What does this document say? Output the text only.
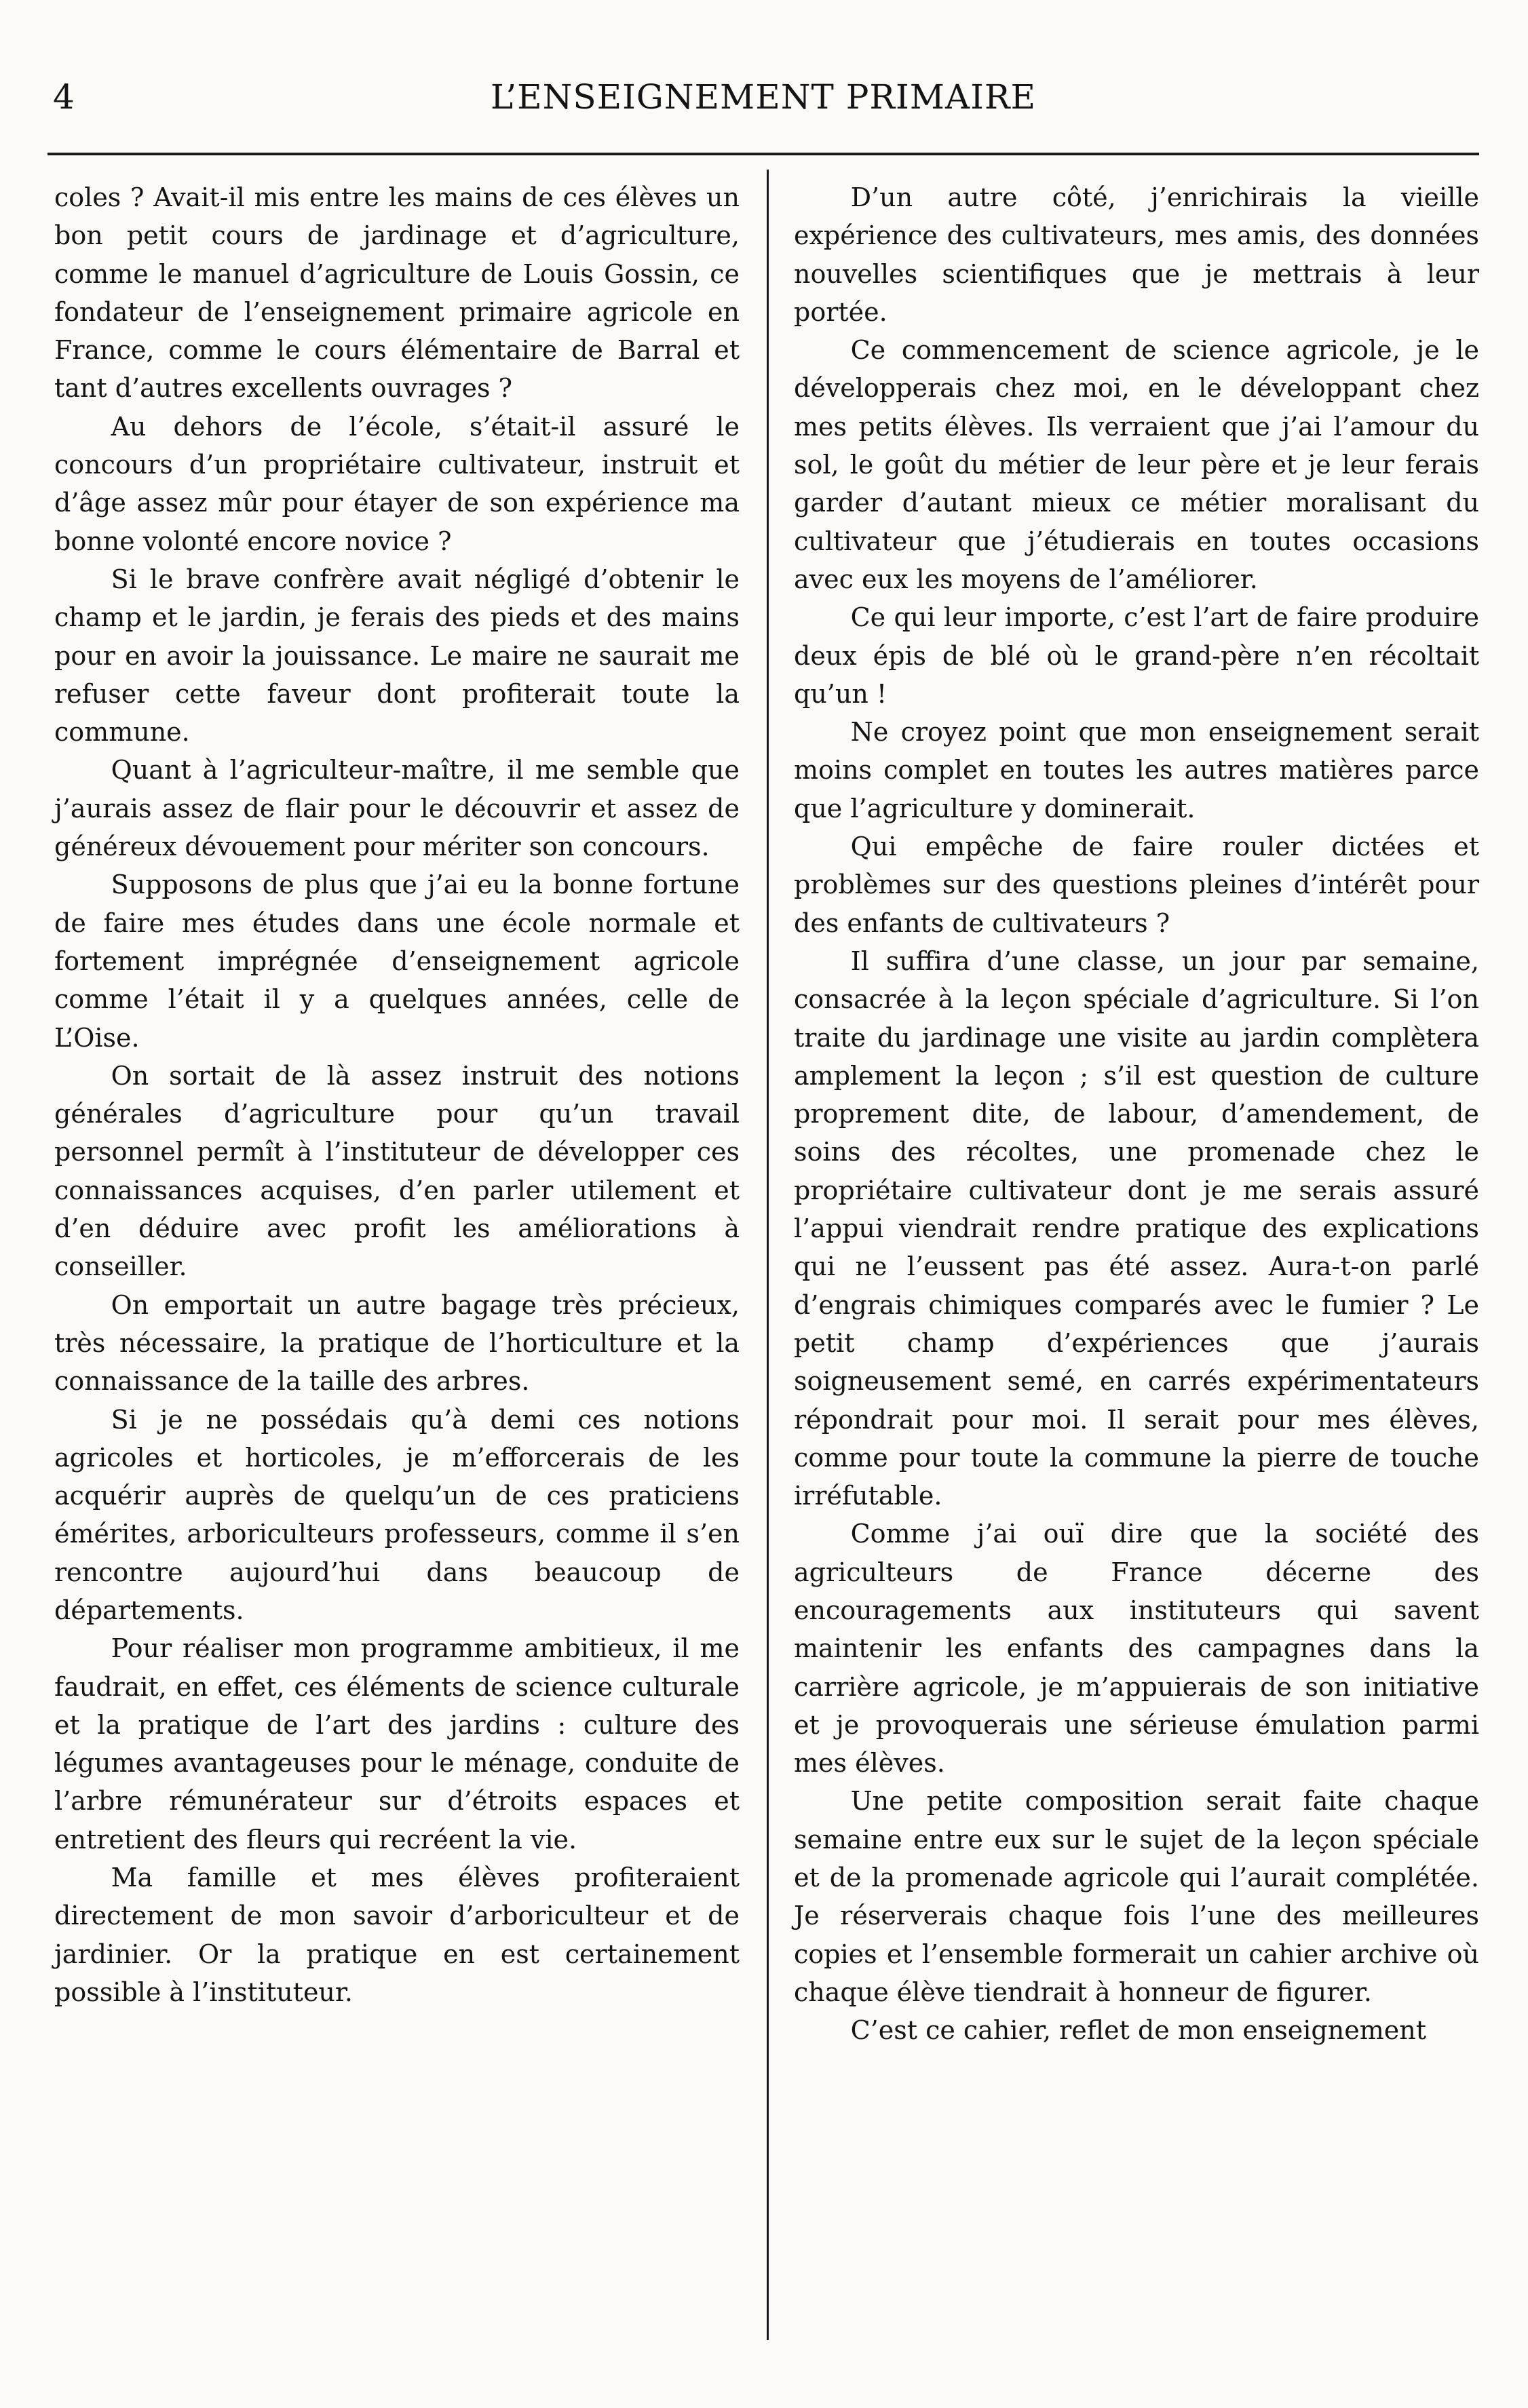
4	L’ENSEIGNEMENT PRIMAIRE

coles ? Avait-il mis entre les mains de ces élèves un bon petit cours de jardinage et d’agriculture, comme le manuel d’agriculture de Louis Gossin, ce fondateur de l’enseignement primaire agricole en France, comme le cours élémentaire de Barral et tant d’autres excellents ouvrages ?

Au dehors de l’école, s’était-il assuré le concours d’un propriétaire cultivateur, instruit et d’âge assez mûr pour étayer de son expérience ma bonne volonté encore novice ?

Si le brave confrère avait négligé d’obtenir le champ et le jardin, je ferais des pieds et des mains pour en avoir la jouissance. Le maire ne saurait me refuser cette faveur dont profiterait toute la commune.

Quant à l’agriculteur-maître, il me semble que j’aurais assez de flair pour le découvrir et assez de généreux dévouement pour mériter son concours.

Supposons de plus que j’ai eu la bonne fortune de faire mes études dans une école normale et fortement imprégnée d’enseignement agricole comme l’était il y a quelques années, celle de L’Oise.

On sortait de là assez instruit des notions générales d’agriculture pour qu’un travail personnel permît à l’instituteur de développer ces connaissances acquises, d’en parler utilement et d’en déduire avec profit les améliorations à conseiller.

On emportait un autre bagage très précieux, très nécessaire, la pratique de l’horticulture et la connaissance de la taille des arbres.

Si je ne possédais qu’à demi ces notions agricoles et horticoles, je m’efforcerais de les acquérir auprès de quelqu’un de ces praticiens émérites, arboriculteurs professeurs, comme il s’en rencontre aujourd’hui dans beaucoup de départements.

Pour réaliser mon programme ambitieux, il me faudrait, en effet, ces éléments de science culturale et la pratique de l’art des jardins : culture des légumes avantageuses pour le ménage, conduite de l’arbre rémunérateur sur d’étroits espaces et entretient des fleurs qui recréent la vie.

Ma famille et mes élèves profiteraient directement de mon savoir d’arboriculteur et de jardinier. Or la pratique en est certainement possible à l’instituteur.

D’un autre côté, j’enrichirais la vieille expérience des cultivateurs, mes amis, des données nouvelles scientifiques que je mettrais à leur portée.

Ce commencement de science agricole, je le développerais chez moi, en le développant chez mes petits élèves. Ils verraient que j’ai l’amour du sol, le goût du métier de leur père et je leur ferais garder d’autant mieux ce métier moralisant du cultivateur que j’étudierais en toutes occasions avec eux les moyens de l’améliorer.

Ce qui leur importe, c’est l’art de faire produire deux épis de blé où le grand-père n’en récoltait qu’un !

Ne croyez point que mon enseignement serait moins complet en toutes les autres matières parce que l’agriculture y dominerait.

Qui empêche de faire rouler dictées et problèmes sur des questions pleines d’intérêt pour des enfants de cultivateurs ?

Il suffira d’une classe, un jour par semaine, consacrée à la leçon spéciale d’agriculture. Si l’on traite du jardinage une visite au jardin complètera amplement la leçon ; s’il est question de culture proprement dite, de labour, d’amendement, de soins des récoltes, une promenade chez le propriétaire cultivateur dont je me serais assuré l’appui viendrait rendre pratique des explications qui ne l’eussent pas été assez. Aura-t-on parlé d’engrais chimiques comparés avec le fumier ? Le petit champ d’expériences que j’aurais soigneusement semé, en carrés expérimentateurs répondrait pour moi. Il serait pour mes élèves, comme pour toute la commune la pierre de touche irréfutable.

Comme j’ai ouï dire que la société des agriculteurs de France décerne des encouragements aux instituteurs qui savent maintenir les enfants des campagnes dans la carrière agricole, je m’appuierais de son initiative et je provoquerais une sérieuse émulation parmi mes élèves.

Une petite composition serait faite chaque semaine entre eux sur le sujet de la leçon spéciale et de la promenade agricole qui l’aurait complétée. Je réserverais chaque fois l’une des meilleures copies et l’ensemble formerait un cahier archive où chaque élève tiendrait à honneur de figurer.

C’est ce cahier, reflet de mon enseignement
